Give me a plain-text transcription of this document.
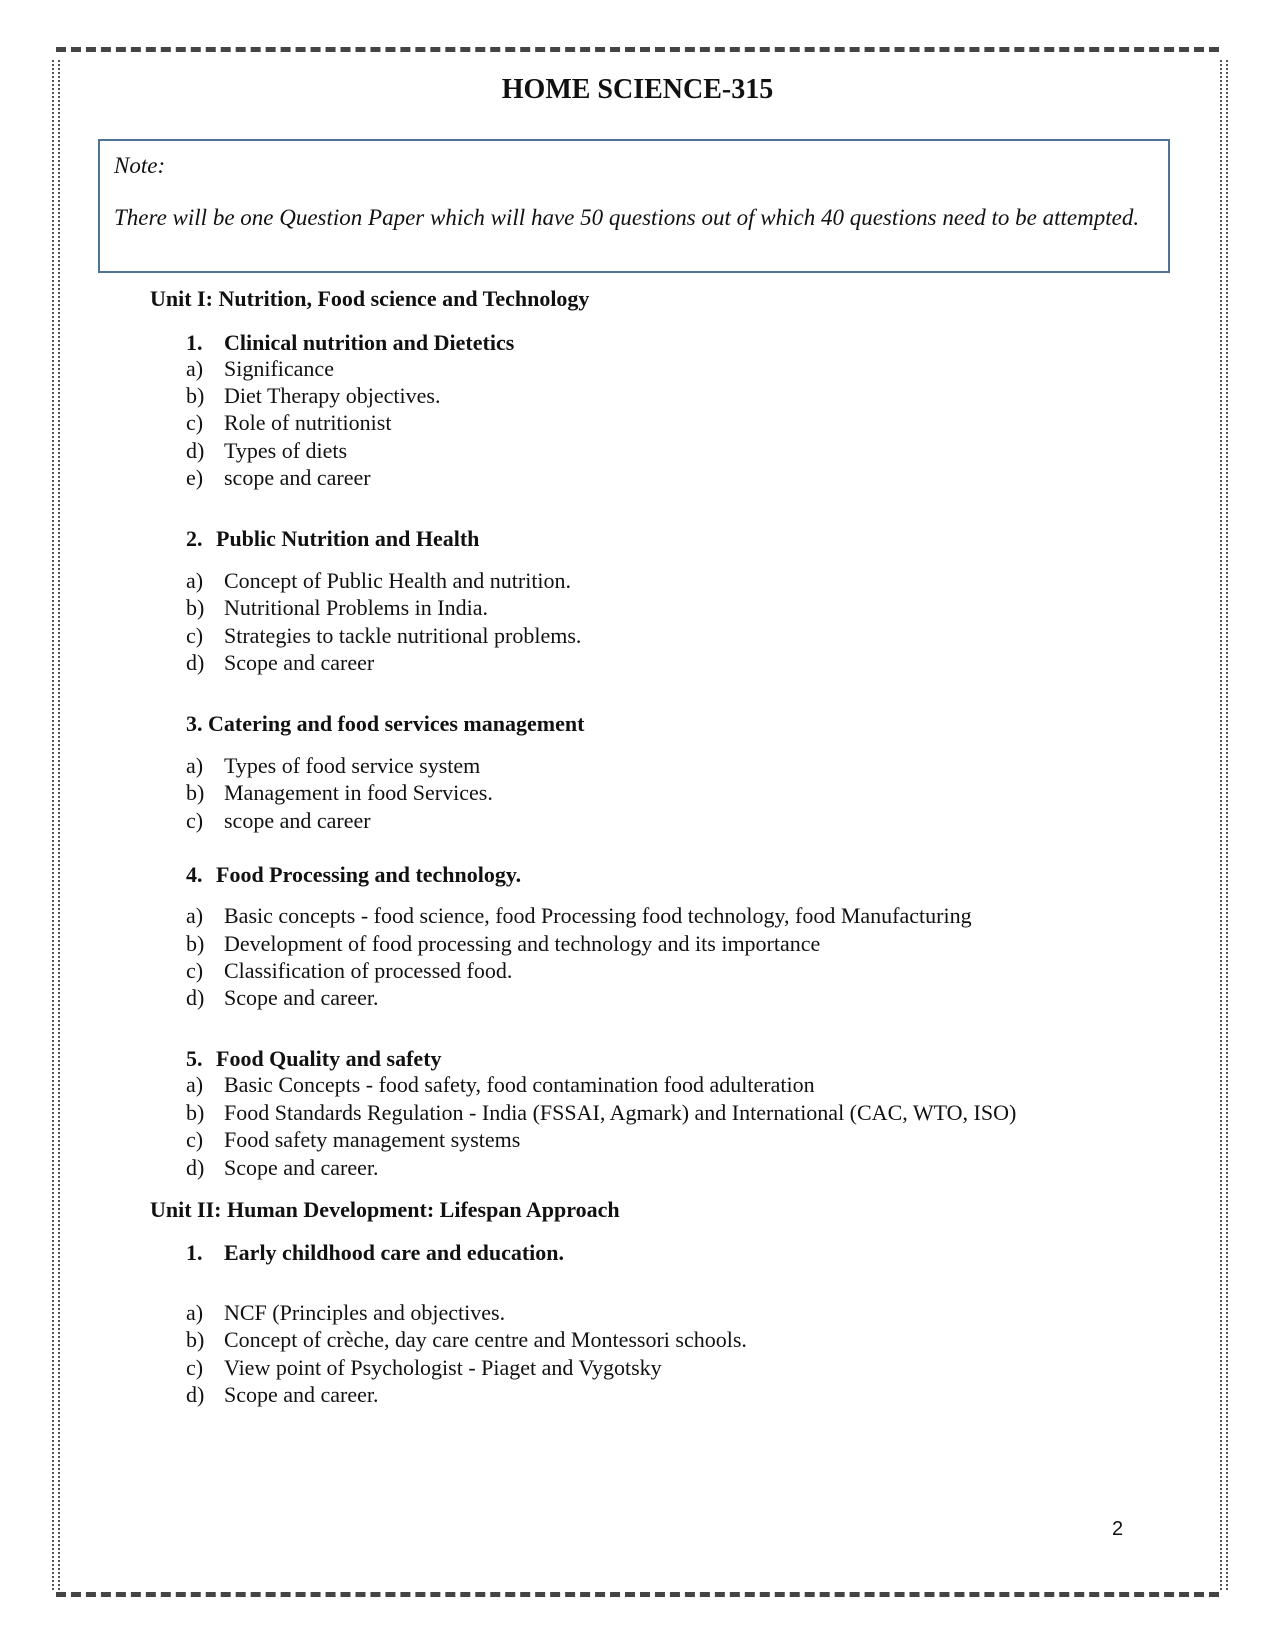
HOME SCIENCE-315
Note:
There will be one Question Paper which will have 50 questions out of which 40 questions need to be attempted.
Unit I: Nutrition, Food science and Technology
1. Clinical nutrition and Dietetics
a) Significance
b) Diet Therapy objectives.
c) Role of nutritionist
d) Types of diets
e) scope and career
2. Public Nutrition and Health
a) Concept of Public Health and nutrition.
b) Nutritional Problems in India.
c) Strategies to tackle nutritional problems.
d) Scope and career
3. Catering and food services management
a) Types of food service system
b) Management in food Services.
c) scope and career
4. Food Processing and technology.
a) Basic concepts - food science, food Processing food technology, food Manufacturing
b) Development of food processing and technology and its importance
c) Classification of processed food.
d) Scope and career.
5. Food Quality and safety
a) Basic Concepts - food safety, food contamination food adulteration
b) Food Standards Regulation - India (FSSAI, Agmark) and International (CAC, WTO, ISO)
c) Food safety management systems
d) Scope and career.
Unit II: Human Development: Lifespan Approach
1. Early childhood care and education.
a) NCF (Principles and objectives.
b) Concept of crèche, day care centre and Montessori schools.
c) View point of Psychologist - Piaget and Vygotsky
d) Scope and career.
2
